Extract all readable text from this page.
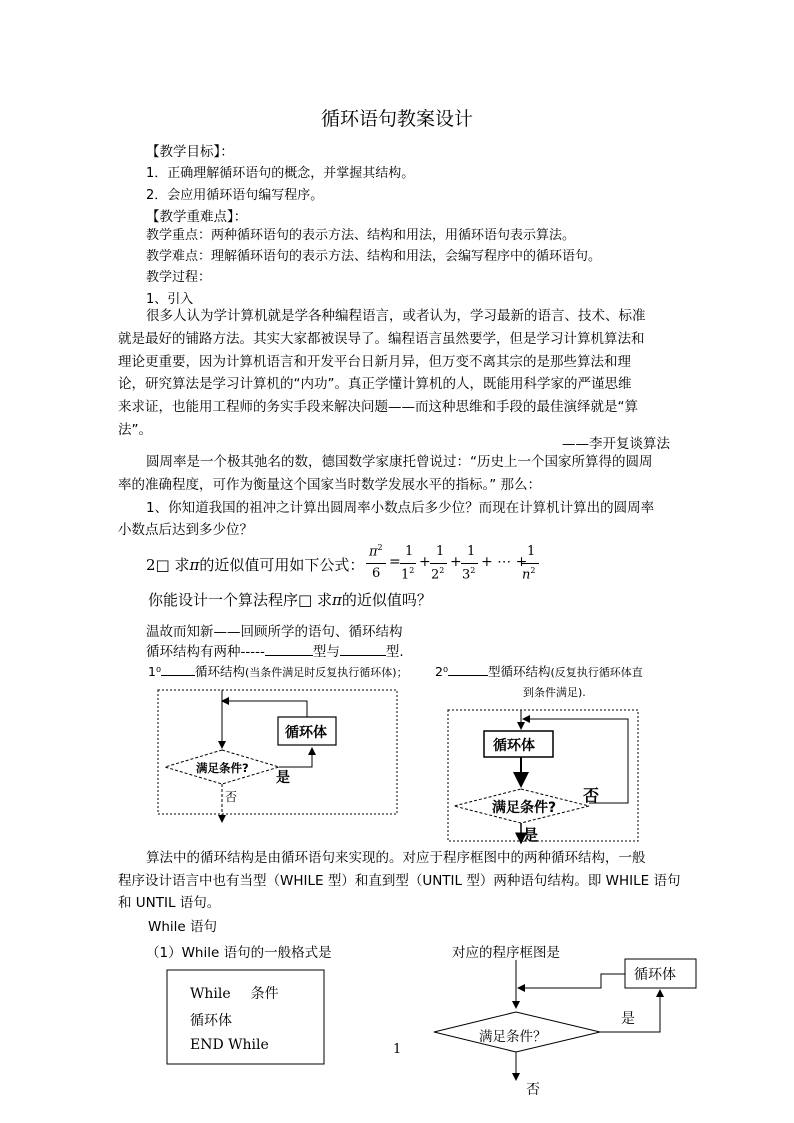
循环语句教案设计
【教学目标】：
1．正确理解循环语句的概念，并掌握其结构。
2．会应用循环语句编写程序。
【教学重难点】：
教学重点：两种循环语句的表示方法、结构和用法，用循环语句表示算法。
教学难点：理解循环语句的表示方法、结构和用法，会编写程序中的循环语句。
教学过程：
1、引入

很多人认为学计算机就是学各种编程语言，或者认为，学习最新的语言、技术、标准

就是最好的铺路方法。其实大家都被误导了。编程语言虽然要学，但是学习计算机算法和

理论更重要，因为计算机语言和开发平台日新月异，但万变不离其宗的是那些算法和理

论，研究算法是学习计算机的“内功”。真正学懂计算机的人，既能用科学家的严谨思维

来求证，也能用工程师的务实手段来解决问题——而这种思维和手段的最佳演绎就是“算

法”。

——李开复谈算法

圆周率是一个极其弛名的数，德国数学家康托曾说过：“历史上一个国家所算得的圆周

率的准确程度，可作为衡量这个国家当时数学发展水平的指标。” 那么：

1、你知道我国的祖冲之计算出圆周率小数点后多少位？而现在计算机计算出的圆周率

小数点后达到多少位？

2□ 求π的近似值可用如下公式：
$\pi^2$
6
=
1
$1^2$
+
1
$2^2$
+
1
$3^2$
+ ⋯ +
1
$n^2$
你能设计一个算法程序□ 求π的近似值吗？
温故而知新——回顾所学的语句、循环结构
循环结构有两种-----	型与	型.
1⁰	循环结构(当条件满足时反复执行循环体)； 2⁰	型循环结构(反复执行循环体直
到条件满足).
循环体
满足条件?
是
否
循环体
满足条件?
否
是

算法中的循环结构是由循环语句来实现的。对应于程序框图中的两种循环结构，一般

程序设计语言中也有当型（WHILE 型）和直到型（UNTIL 型）两种语句结构。即 WHILE 语句

和 UNTIL 语句。

While 语句
（1）While 语句的一般格式是	对应的程序框图是
While 条件
循环体
END While
循环体
满足条件？
是
否
1
